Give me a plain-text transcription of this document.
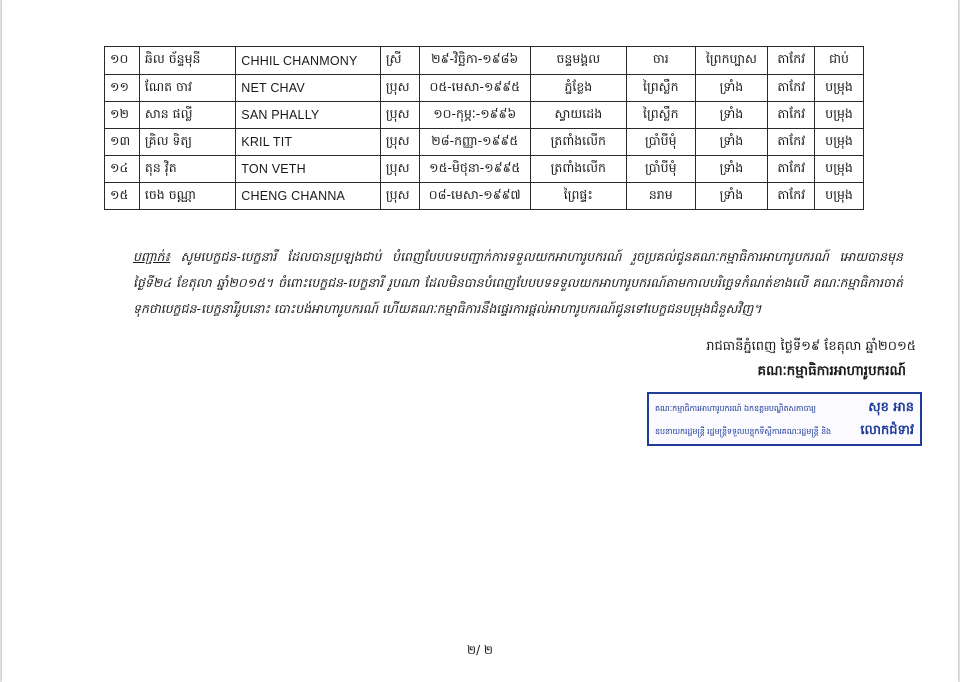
១០	ឆិល ច័ន្ទមុនី	CHHIL CHANMONY	ស្រី	២៩-វិច្ឆិកា-១៩៨៦	ចន្ទមង្គល	ចារ	ព្រៃកប្បាស	តាកែវ	ជាប់
១១	ណែត ចាវ	NET CHAV	ប្រុស	០៥-មេសា-១៩៩៥	ភ្នំខ្លែង	ព្រៃស្លឹក	ទ្រាំង	តាកែវ	បម្រុង
១២	សាន ផល្លី	SAN PHALLY	ប្រុស	១០-កុម្ភៈ-១៩៩៦	ស្វាយដេង	ព្រៃស្លឹក	ទ្រាំង	តាកែវ	បម្រុង
១៣	គ្រិល ទិត្យ	KRIL TIT	ប្រុស	២៨-កញ្ញា-១៩៩៥	ត្រពាំងលើក	ប្រាំបីមុំ	ទ្រាំង	តាកែវ	បម្រុង
១៤	តុន វ៉ិត	TON VETH	ប្រុស	១៥-មិថុនា-១៩៩៥	ត្រពាំងលើក	ប្រាំបីមុំ	ទ្រាំង	តាកែវ	បម្រុង
១៥	ចេង ចណ្ណា	CHENG CHANNA	ប្រុស	០៨-មេសា-១៩៩៧	ព្រៃផ្ទះ	នរាម	ទ្រាំង	តាកែវ	បម្រុង
បញ្ជាក់៖ សូមបេក្ខជន-បេក្ខនារី ដែលបានប្រឡងជាប់ បំពេញបែបបទបញ្ជាក់ការទទួលយកអាហារូបករណ៍ រួចប្រគល់ជូនគណៈកម្មាធិការអាហារូបករណ៍ អោយបានមុនថ្ងៃទី២៤ ខែតុលា ឆ្នាំ២០១៥។ ចំពោះបេក្ខជន-បេក្ខនារី រូបណា ដែលមិនបានបំពេញបែបបទទទួលយកអាហារូបករណ៍តាមកាលបរិច្ឆេទកំណត់ខាងលើ គណៈកម្មាធិការចាត់ទុកថាបេក្ខជន-បេក្ខនារីរូបនោះ បោះបង់អាហារូបករណ៍ ហើយគណៈកម្មាធិការនឹងផ្ទេរការផ្តល់អាហារូបករណ៍ជូនទៅបេក្ខជនបម្រុងជំនួសវិញ។
រាជធានីភ្នំពេញ ថ្ងៃទី១៩ ខែតុលា ឆ្នាំ២០១៥
គណៈកម្មាធិការអាហារូបករណ៍
គណៈកម្មាធិការអាហារូបករណ៍ ឯកឧត្តមបណ្ឌិតសភាចារ្យ	សុខ អាន
ឧបនាយករដ្ឋមន្ត្រី រដ្ឋមន្ត្រីទទួលបន្ទុកទីស្តីការគណៈរដ្ឋមន្ត្រី និង លោកជំទាវ
២/ ២
